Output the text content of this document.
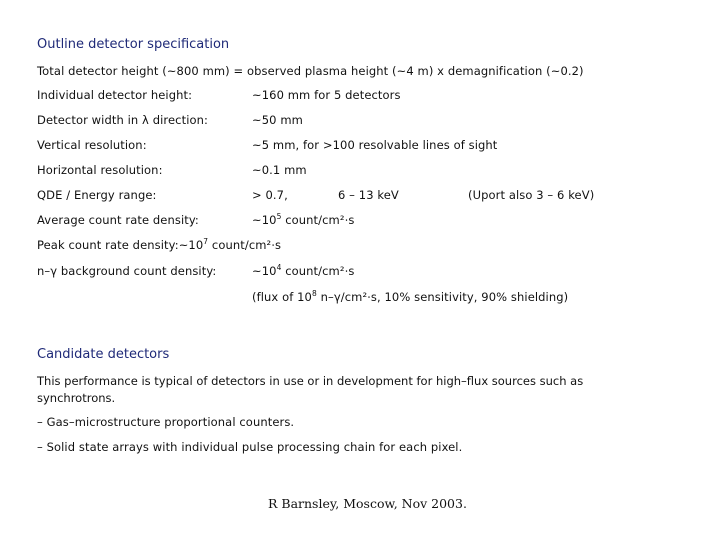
Outline detector specification
Total detector height (~800 mm) = observed plasma height (~4 m) x demagnification (~0.2)
Individual detector height:	~160 mm for 5 detectors
Detector width in λ direction:	~50 mm
Vertical resolution:	~5 mm, for >100 resolvable lines of sight
Horizontal resolution:	~0.1 mm
QDE / Energy range:	> 0.7,	6 – 13 keV	(Uport also 3 – 6 keV)
Average count rate density:	$\sim 10^5$ count/cm²⋅s
Peak count rate $density:\sim 10^7$ count/cm²⋅s
n–γ background count density:	$\sim 10^4$ count/cm²⋅s
(flux of $10^8$ n–γ/cm²⋅s, 10% sensitivity, 90% shielding)
Candidate detectors
This performance is typical of detectors in use or in development for high–flux sources such as synchrotrons.
– Gas–microstructure proportional counters.
– Solid state arrays with individual pulse processing chain for each pixel.
R Barnsley, Moscow, Nov 2003.
